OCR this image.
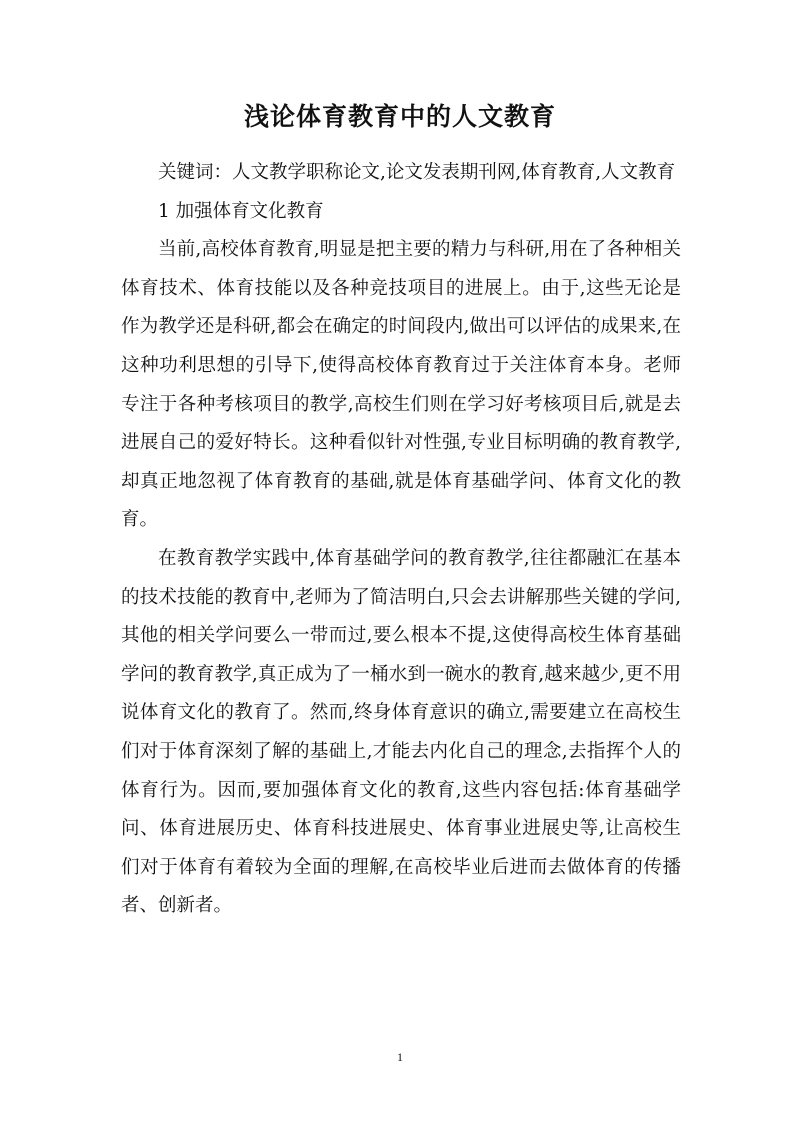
浅论体育教育中的人文教育

关键词：人文教学职称论文,论文发表期刊网,体育教育,人文教育

1 加强体育文化教育

当前,高校体育教育,明显是把主要的精力与科研,用在了各种相关体育技术、体育技能以及各种竞技项目的进展上。由于,这些无论是作为教学还是科研,都会在确定的时间段内,做出可以评估的成果来,在这种功利思想的引导下,使得高校体育教育过于关注体育本身。老师专注于各种考核项目的教学,高校生们则在学习好考核项目后,就是去进展自己的爱好特长。这种看似针对性强,专业目标明确的教育教学,却真正地忽视了体育教育的基础,就是体育基础学问、体育文化的教育。

在教育教学实践中,体育基础学问的教育教学,往往都融汇在基本的技术技能的教育中,老师为了简洁明白,只会去讲解那些关键的学问,其他的相关学问要么一带而过,要么根本不提,这使得高校生体育基础学问的教育教学,真正成为了一桶水到一碗水的教育,越来越少,更不用说体育文化的教育了。然而,终身体育意识的确立,需要建立在高校生们对于体育深刻了解的基础上,才能去内化自己的理念,去指挥个人的体育行为。因而,要加强体育文化的教育,这些内容包括:体育基础学问、体育进展历史、体育科技进展史、体育事业进展史等,让高校生们对于体育有着较为全面的理解,在高校毕业后进而去做体育的传播者、创新者。

1
